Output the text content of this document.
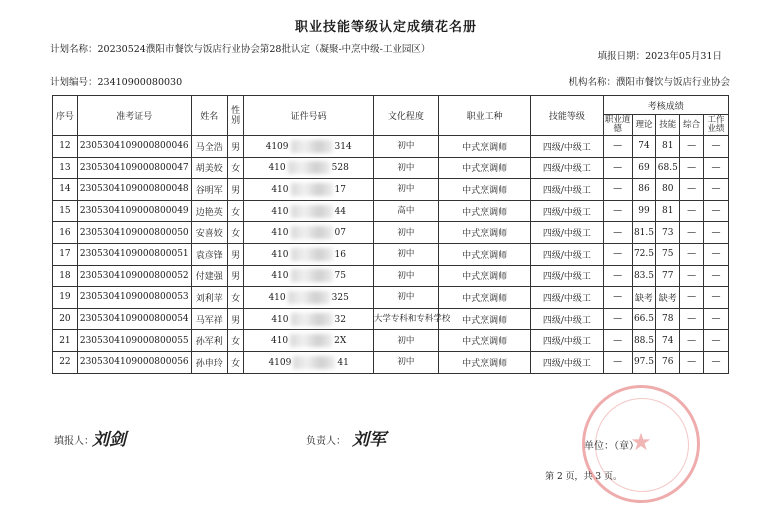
职业技能等级认定成绩花名册
计划名称：20230524濮阳市餐饮与饭店行业协会第28批认定（凝聚-中烹中级-工业园区）
填报日期：2023年05月31日
计划编号：23410900080030	机构名称：濮阳市餐饮与饭店行业协会
序号	准考证号	姓名	性别	证件号码	文化程度	职业工种	技能等级	考核成绩				
								职业道德	理论	技能	综合	工作业绩
12	2305304109000800046	马全浩	男	4109 314	初中	中式烹调师	四级/中级工	—	74	81	—	—
13	2305304109000800047	胡美姣	女	410 528	初中	中式烹调师	四级/中级工	—	69	68.5	—	—
14	2305304109000800048	谷明军	男	410 17	初中	中式烹调师	四级/中级工	—	86	80	—	—
15	2305304109000800049	边艳英	女	410 44	高中	中式烹调师	四级/中级工	—	99	81	—	—
16	2305304109000800050	安喜姣	女	410 07	初中	中式烹调师	四级/中级工	—	81.5	73	—	—
17	2305304109000800051	袁彦锋	男	410 16	初中	中式烹调师	四级/中级工	—	72.5	75	—	—
18	2305304109000800052	付建强	男	410 75	初中	中式烹调师	四级/中级工	—	83.5	77	—	—
19	2305304109000800053	刘利苹	女	410 325	初中	中式烹调师	四级/中级工	—	缺考	缺考	—	—
20	2305304109000800054	马军祥	男	410 32	大学专科和专科学校	中式烹调师	四级/中级工	—	66.5	78	—	—
21	2305304109000800055	孙军利	女	410 2X	初中	中式烹调师	四级/中级工	—	88.5	74	—	—
22	2305304109000800056	孙申玲	女	4109 41	初中	中式烹调师	四级/中级工	—	97.5	76	—	—
★
填报人：
刘剑	负责人： 刘军	单位：（章）
第 2 页，共 3 页。
